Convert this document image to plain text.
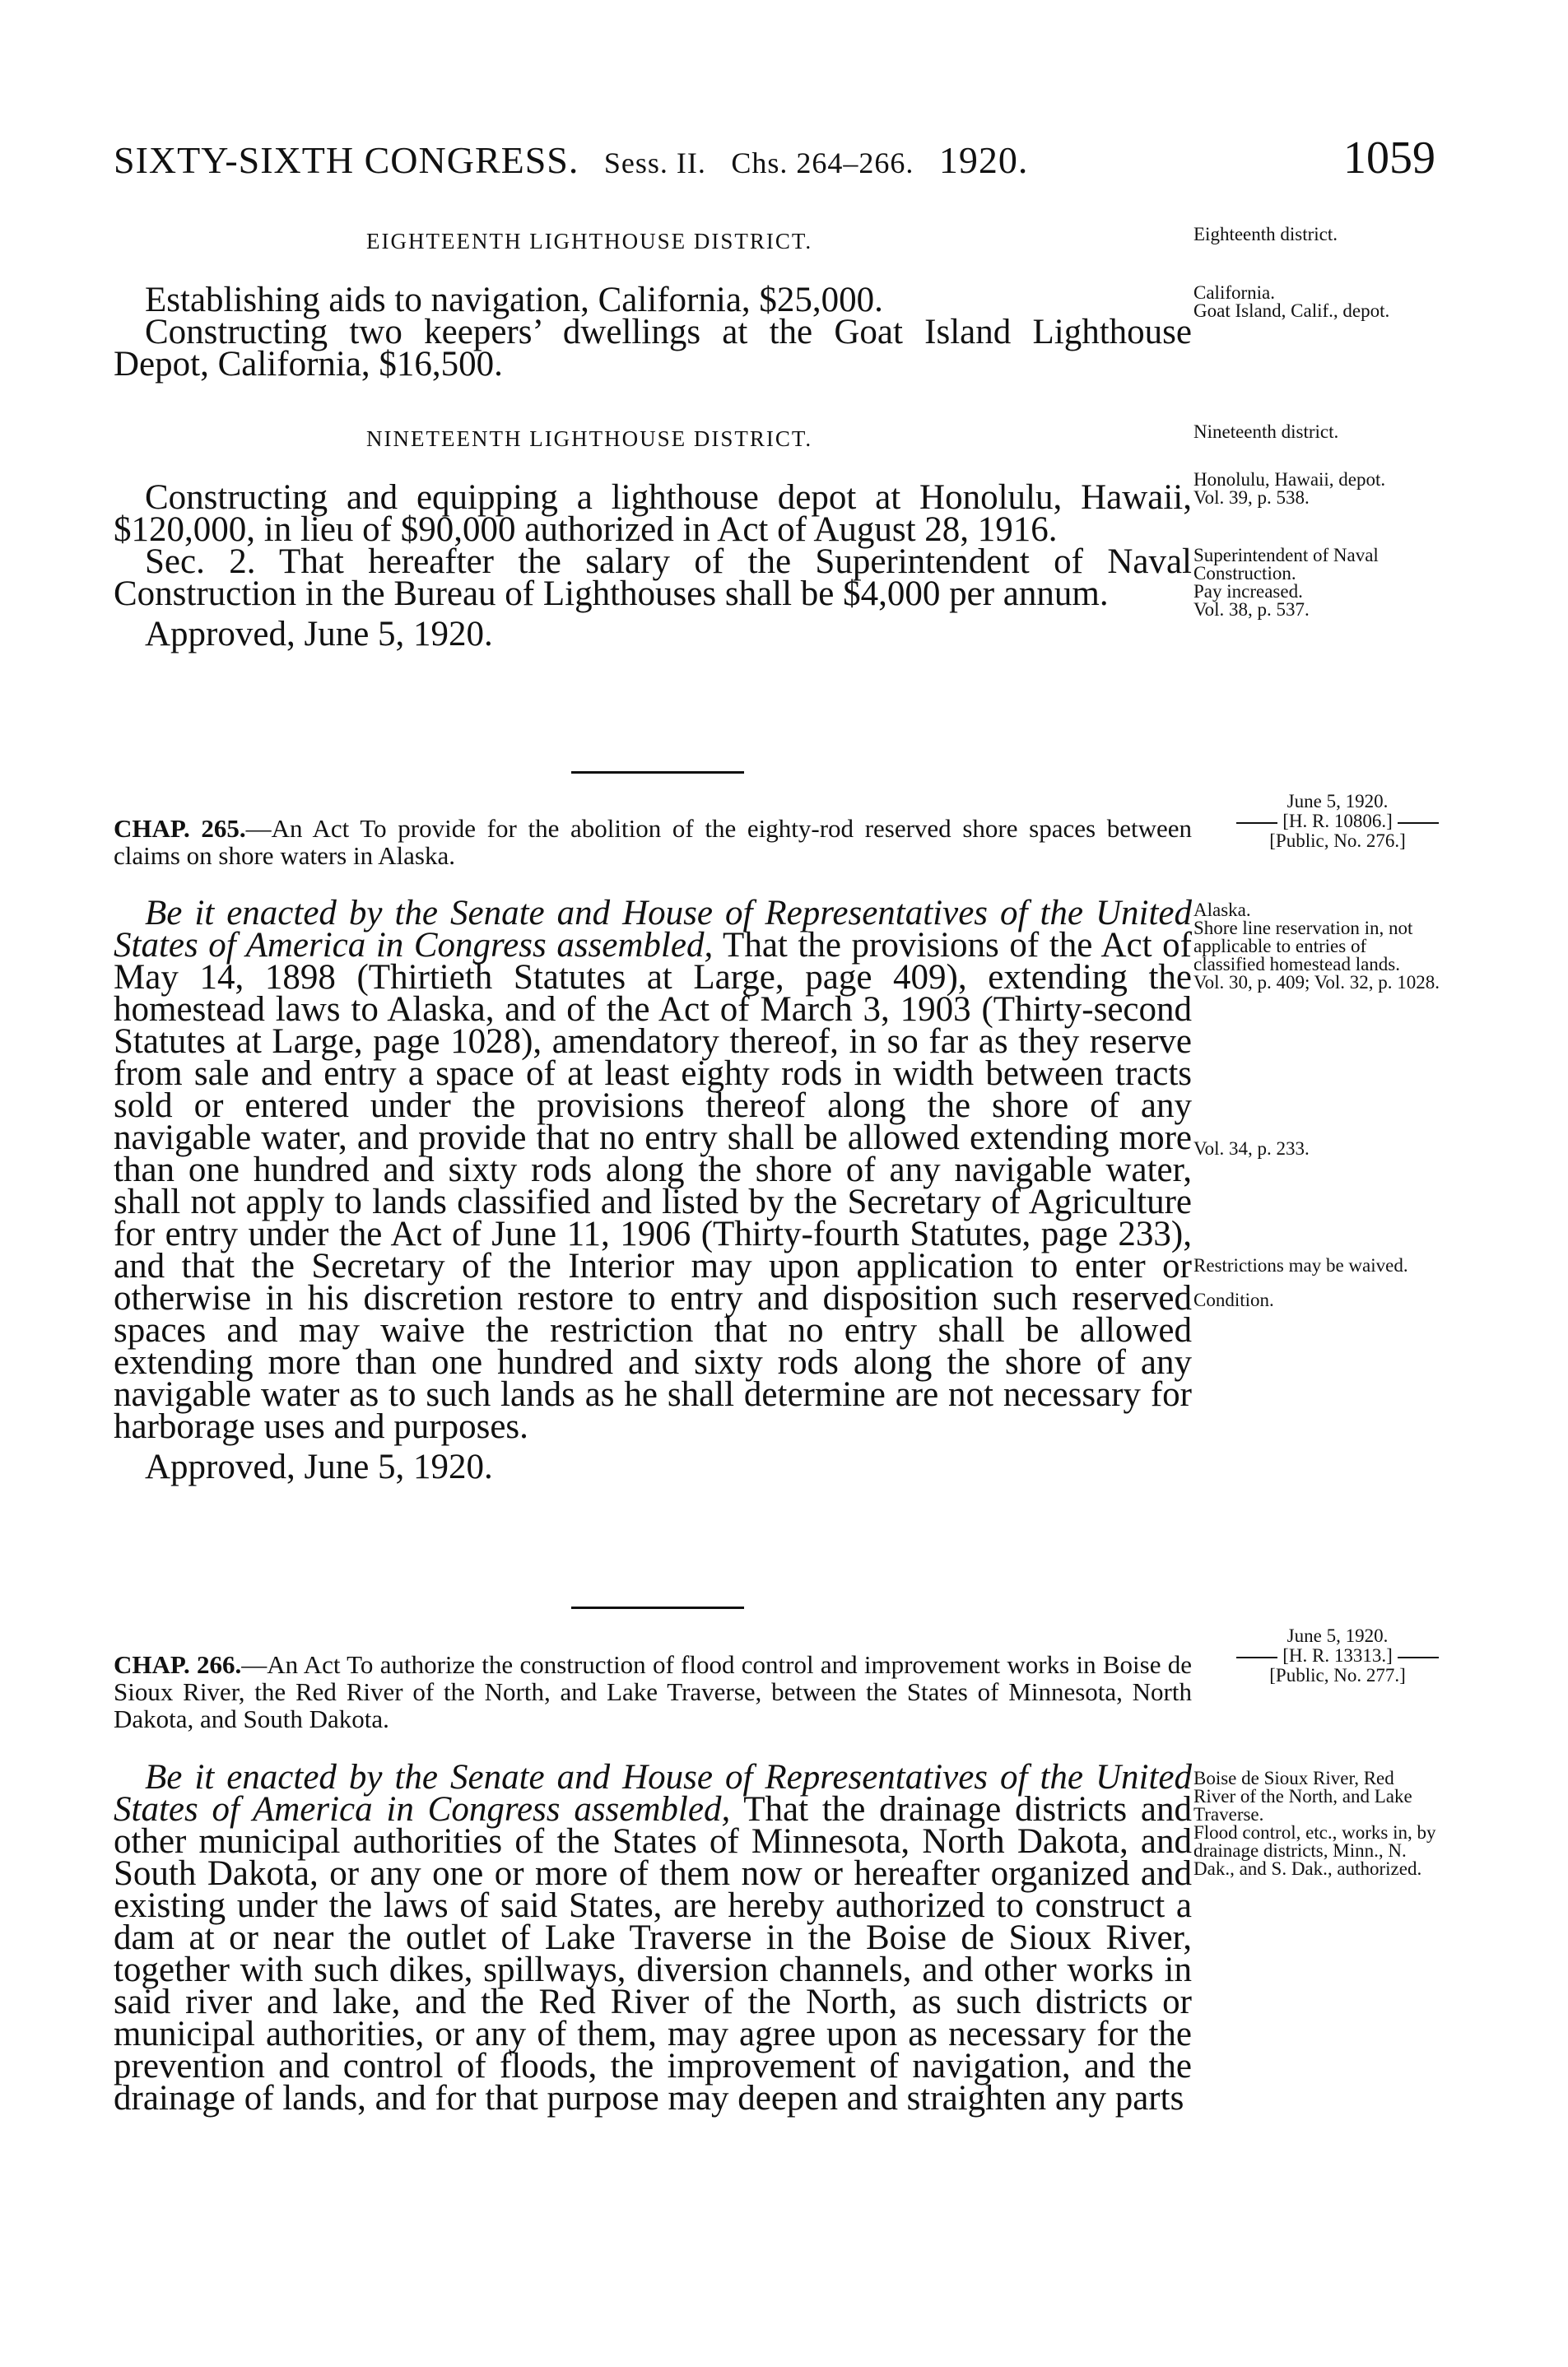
SIXTY-SIXTH CONGRESS. Sess. II. Chs. 264–266. 1920.	1059
EIGHTEENTH LIGHTHOUSE DISTRICT.	Eighteenth district.

Establishing aids to navigation, California, $25,000.

Constructing two keepers’ dwellings at the Goat Island Lighthouse Depot, California, $16,500.

California.
Goat Island, Calif., depot.
NINETEENTH LIGHTHOUSE DISTRICT.	Nineteenth district.

Constructing and equipping a lighthouse depot at Honolulu, Hawaii, $120,000, in lieu of $90,000 authorized in Act of August 28, 1916.

Sec. 2. That hereafter the salary of the Superintendent of Naval Construction in the Bureau of Lighthouses shall be $4,000 per annum.

Approved, June 5, 1920.

Honolulu, Hawaii, depot.
Vol. 39, p. 538.
Superintendent of Naval Construction.
Pay increased.
Vol. 38, p. 537.
June 5, 1920.
[H. R. 10806.]
[Public, No. 276.]

CHAP. 265.—An Act To provide for the abolition of the eighty-rod reserved shore spaces between claims on shore waters in Alaska.

Be it enacted by the Senate and House of Representatives of the United States of America in Congress assembled, That the provisions of the Act of May 14, 1898 (Thirtieth Statutes at Large, page 409), extending the homestead laws to Alaska, and of the Act of March 3, 1903 (Thirty-second Statutes at Large, page 1028), amendatory thereof, in so far as they reserve from sale and entry a space of at least eighty rods in width between tracts sold or entered under the provisions thereof along the shore of any navigable water, and provide that no entry shall be allowed extending more than one hundred and sixty rods along the shore of any navigable water, shall not apply to lands classified and listed by the Secretary of Agriculture for entry under the Act of June 11, 1906 (Thirty-fourth Statutes, page 233), and that the Secretary of the Interior may upon application to enter or otherwise in his discretion restore to entry and disposition such reserved spaces and may waive the restriction that no entry shall be allowed extending more than one hundred and sixty rods along the shore of any navigable water as to such lands as he shall determine are not necessary for harborage uses and purposes.

Approved, June 5, 1920.

Alaska.
Shore line reservation in, not applicable to entries of classified homestead lands.
Vol. 30, p. 409; Vol. 32, p. 1028.
Vol. 34, p. 233.
Restrictions may be waived.
Condition.
June 5, 1920.
[H. R. 13313.]
[Public, No. 277.]

CHAP. 266.—An Act To authorize the construction of flood control and improvement works in Boise de Sioux River, the Red River of the North, and Lake Traverse, between the States of Minnesota, North Dakota, and South Dakota.

Be it enacted by the Senate and House of Representatives of the United States of America in Congress assembled, That the drainage districts and other municipal authorities of the States of Minnesota, North Dakota, and South Dakota, or any one or more of them now or hereafter organized and existing under the laws of said States, are hereby authorized to construct a dam at or near the outlet of Lake Traverse in the Boise de Sioux River, together with such dikes, spillways, diversion channels, and other works in said river and lake, and the Red River of the North, as such districts or municipal authorities, or any of them, may agree upon as necessary for the prevention and control of floods, the improvement of navigation, and the drainage of lands, and for that purpose may deepen and straighten any parts

Boise de Sioux River, Red River of the North, and Lake Traverse.
Flood control, etc., works in, by drainage districts, Minn., N. Dak., and S. Dak., authorized.
